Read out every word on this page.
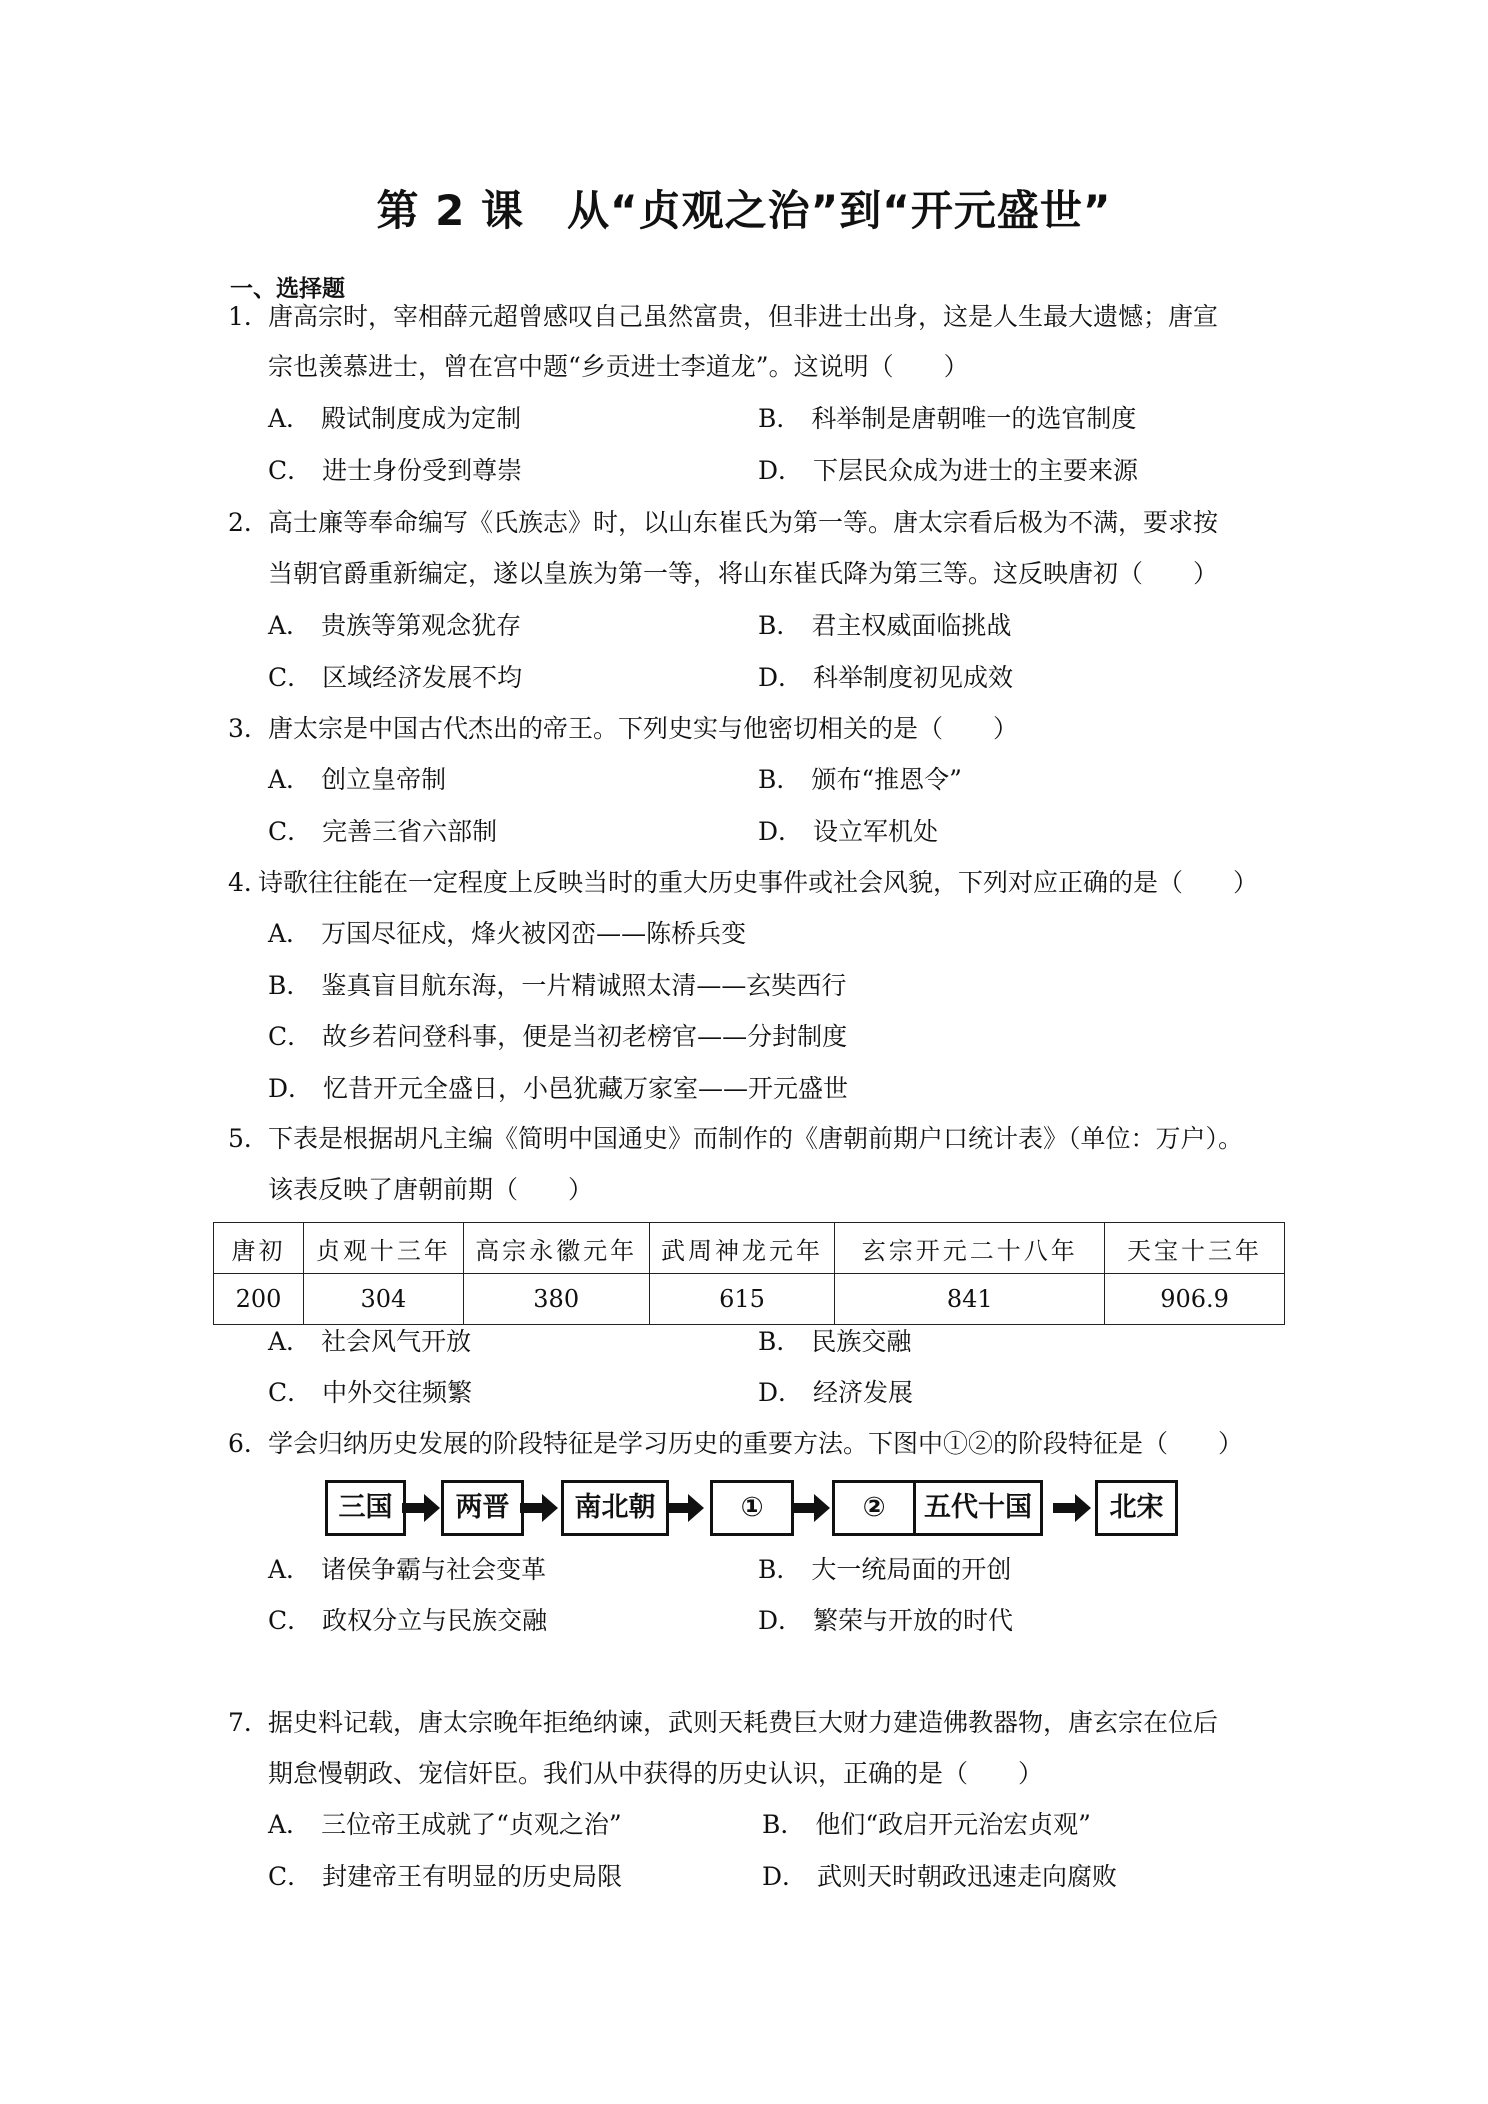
第 2 课　从“贞观之治”到“开元盛世”
一、选择题
1． 唐高宗时，宰相薛元超曾感叹自己虽然富贵，但非进士出身，这是人生最大遗憾；唐宣
宗也羡慕进士，曾在宫中题“乡贡进士李道龙”。这说明（　　）
A． 殿试制度成为定制	B． 科举制是唐朝唯一的选官制度
C． 进士身份受到尊崇	D． 下层民众成为进士的主要来源
2． 高士廉等奉命编写《氏族志》时，以山东崔氏为第一等。唐太宗看后极为不满，要求按
当朝官爵重新编定，遂以皇族为第一等，将山东崔氏降为第三等。这反映唐初（　　）
A． 贵族等第观念犹存	B． 君主权威面临挑战
C． 区域经济发展不均	D． 科举制度初见成效
3． 唐太宗是中国古代杰出的帝王。下列史实与他密切相关的是（　　）
A． 创立皇帝制	B． 颁布“推恩令”
C． 完善三省六部制	D． 设立军机处
4．
诗歌往往能在一定程度上反映当时的重大历史事件或社会风貌，下列对应正确的是（　　）
A． 万国尽征戍，烽火被冈峦——陈桥兵变
B． 鉴真盲目航东海，一片精诚照太清——玄奘西行
C． 故乡若问登科事，便是当初老榜官——分封制度
D． 忆昔开元全盛日，小邑犹藏万家室——开元盛世
5． 下表是根据胡凡主编《简明中国通史》而制作的《唐朝前期户口统计表》（单位：万户）。
该表反映了唐朝前期（　　）
唐初	贞观十三年	高宗永徽元年	武周神龙元年	玄宗开元二十八年	天宝十三年
200	304	380	615	841	906.9
A． 社会风气开放	B． 民族交融
C． 中外交往频繁	D． 经济发展
6． 学会归纳历史发展的阶段特征是学习历史的重要方法。下图中①②的阶段特征是（　　）
三国	两晋	南北朝	①	②	五代十国	北宋
A． 诸侯争霸与社会变革	B． 大一统局面的开创
C． 政权分立与民族交融	D． 繁荣与开放的时代
7． 据史料记载，唐太宗晚年拒绝纳谏，武则天耗费巨大财力建造佛教器物，唐玄宗在位后
期怠慢朝政、宠信奸臣。我们从中获得的历史认识，正确的是（　　）
A． 三位帝王成就了“贞观之治”	B． 他们“政启开元治宏贞观”
C． 封建帝王有明显的历史局限	D． 武则天时朝政迅速走向腐败
